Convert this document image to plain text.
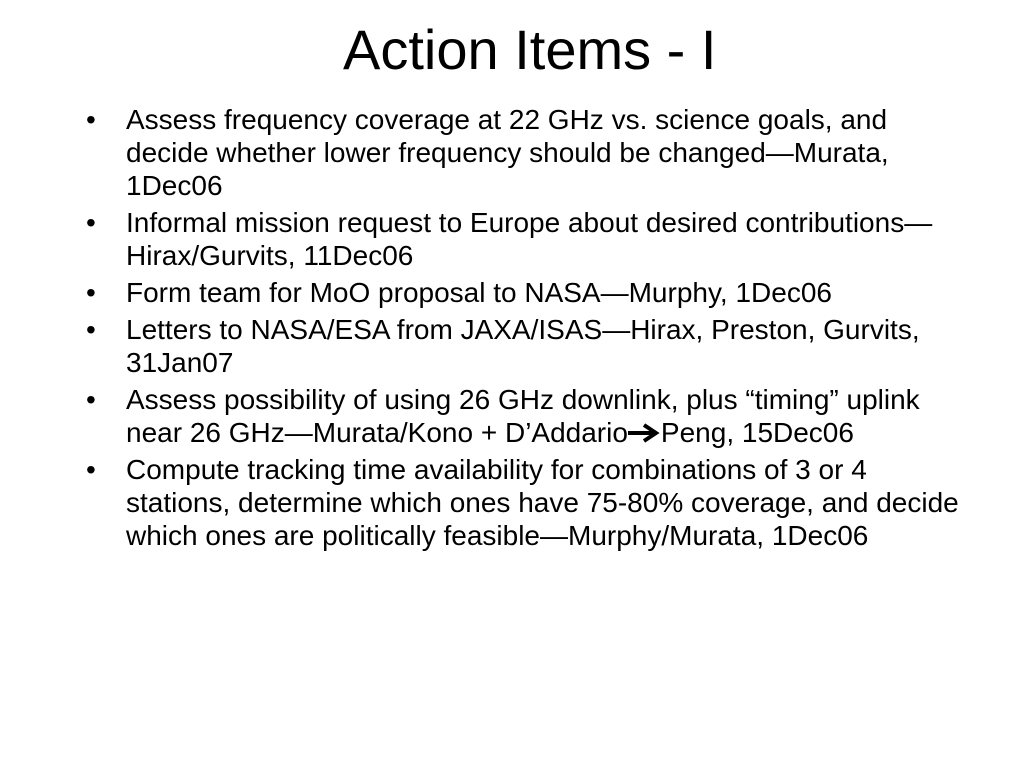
Action Items - I
•	Assess frequency coverage at 22 GHz vs. science goals, and decide whether lower frequency should be changed—Murata, 1Dec06
•	Informal mission request to Europe about desired contributions—Hirax/Gurvits, 11Dec06
•	Form team for MoO proposal to NASA—Murphy, 1Dec06
•	Letters to NASA/ESA from JAXA/ISAS—Hirax, Preston, Gurvits, 31Jan07
•	Assess possibility of using 26 GHz downlink, plus “timing” uplink near 26 GHz—Murata/Kono + D’Addario Peng, 15Dec06
•	Compute tracking time availability for combinations of 3 or 4 stations, determine which ones have 75-80% coverage, and decide which ones are politically feasible—Murphy/Murata, 1Dec06
